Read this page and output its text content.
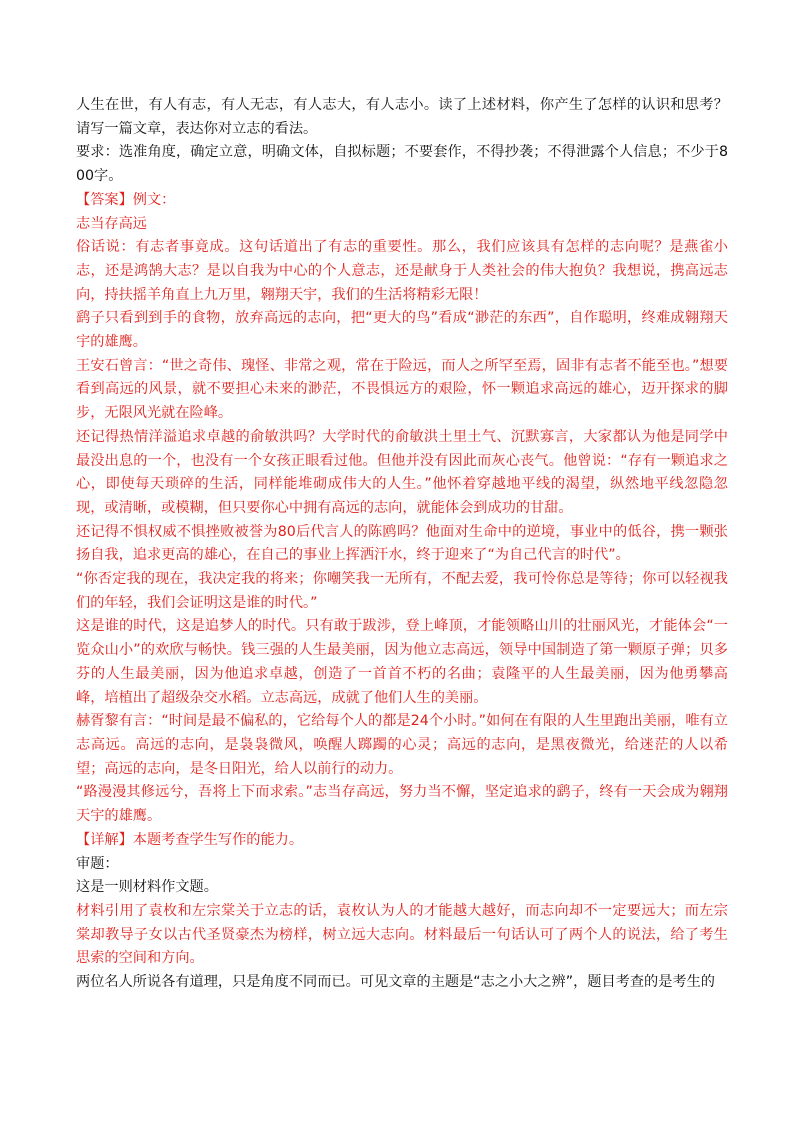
人生在世，有人有志，有人无志，有人志大，有人志小。读了上述材料，你产生了怎样的认识和思考？请写一篇文章，表达你对立志的看法。

要求：选准角度，确定立意，明确文体，自拟标题；不要套作，不得抄袭；不得泄露个人信息；不少于800字。

【答案】例文：

志当存高远

俗话说：有志者事竟成。这句话道出了有志的重要性。那么，我们应该具有怎样的志向呢？是燕雀小志，还是鸿鹄大志？是以自我为中心的个人意志，还是献身于人类社会的伟大抱负？我想说，携高远志向，持扶摇羊角直上九万里，翱翔天宇，我们的生活将精彩无限！

鹞子只看到到手的食物，放弃高远的志向，把“更大的鸟”看成“渺茫的东西”，自作聪明，终难成翱翔天宇的雄鹰。

王安石曾言：“世之奇伟、瑰怪、非常之观，常在于险远，而人之所罕至焉，固非有志者不能至也。”想要看到高远的风景，就不要担心未来的渺茫，不畏惧远方的艰险，怀一颗追求高远的雄心，迈开探求的脚步，无限风光就在险峰。

还记得热情洋溢追求卓越的俞敏洪吗？大学时代的俞敏洪土里土气、沉默寡言，大家都认为他是同学中最没出息的一个，也没有一个女孩正眼看过他。但他并没有因此而灰心丧气。他曾说：“存有一颗追求之心，即使每天琐碎的生活，同样能堆砌成伟大的人生。”他怀着穿越地平线的渴望，纵然地平线忽隐忽现，或清晰，或模糊，但只要你心中拥有高远的志向，就能体会到成功的甘甜。

还记得不惧权威不惧挫败被誉为80后代言人的陈鸥吗？他面对生命中的逆境，事业中的低谷，携一颗张扬自我，追求更高的雄心，在自己的事业上挥洒汗水，终于迎来了“为自己代言的时代”。

“你否定我的现在，我决定我的将来；你嘲笑我一无所有，不配去爱，我可怜你总是等待；你可以轻视我们的年轻，我们会证明这是谁的时代。”

这是谁的时代，这是追梦人的时代。只有敢于跋涉，登上峰顶，才能领略山川的壮丽风光，才能体会“一览众山小”的欢欣与畅快。钱三强的人生最美丽，因为他立志高远，领导中国制造了第一颗原子弹；贝多芬的人生最美丽，因为他追求卓越，创造了一首首不朽的名曲；袁隆平的人生最美丽，因为他勇攀高峰，培植出了超级杂交水稻。立志高远，成就了他们人生的美丽。

赫胥黎有言：“时间是最不偏私的，它给每个人的都是24个小时。”如何在有限的人生里跑出美丽，唯有立志高远。高远的志向，是袅袅微风，唤醒人踯躅的心灵；高远的志向，是黑夜微光，给迷茫的人以希望；高远的志向，是冬日阳光，给人以前行的动力。

“路漫漫其修远兮，吾将上下而求索。”志当存高远，努力当不懈，坚定追求的鹞子，终有一天会成为翱翔天宇的雄鹰。

【详解】本题考查学生写作的能力。

审题：

这是一则材料作文题。

材料引用了袁枚和左宗棠关于立志的话，袁枚认为人的才能越大越好，而志向却不一定要远大；而左宗棠却教导子女以古代圣贤豪杰为榜样，树立远大志向。材料最后一句话认可了两个人的说法，给了考生思索的空间和方向。

两位名人所说各有道理，只是角度不同而已。可见文章的主题是“志之小大之辨”，题目考查的是考生的
